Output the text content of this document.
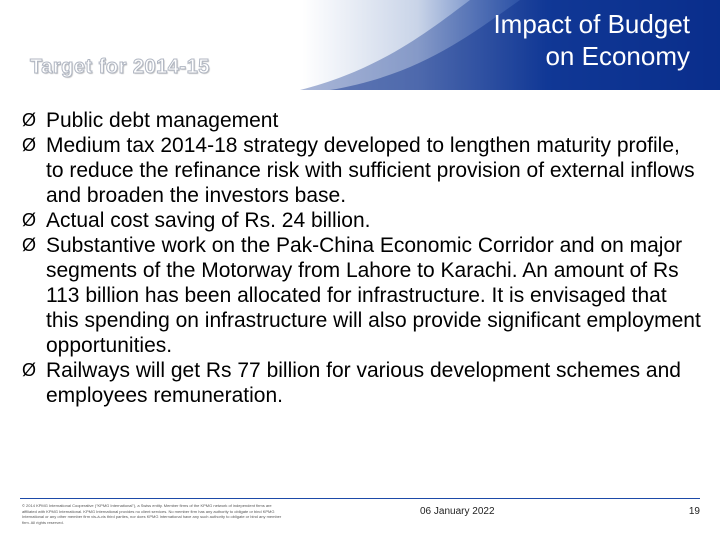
Impact of Budget
on Economy
Target for 2014-15
Ø Public debt management
Ø Medium tax 2014-18 strategy developed to lengthen maturity profile, to reduce the refinance risk with sufficient provision of external inflows and broaden the investors base.
Ø Actual cost saving of Rs. 24 billion.
Ø Substantive work on the Pak-China Economic Corridor and on major segments of the Motorway from Lahore to Karachi. An amount of Rs 113 billion has been allocated for infrastructure. It is envisaged that this spending on infrastructure will also provide significant employment opportunities.
Ø Railways will get Rs 77 billion for various development schemes and employees remuneration.
© 2014 KPMG International Cooperative ("KPMG International"), a Swiss entity. Member firms of the KPMG network of independent firms are affiliated with KPMG International. KPMG International provides no client services. No member firm has any authority to obligate or bind KPMG International or any other member firm vis-à-vis third parties, nor does KPMG International have any such authority to obligate or bind any member firm. All rights reserved.
06 January 2022	19
